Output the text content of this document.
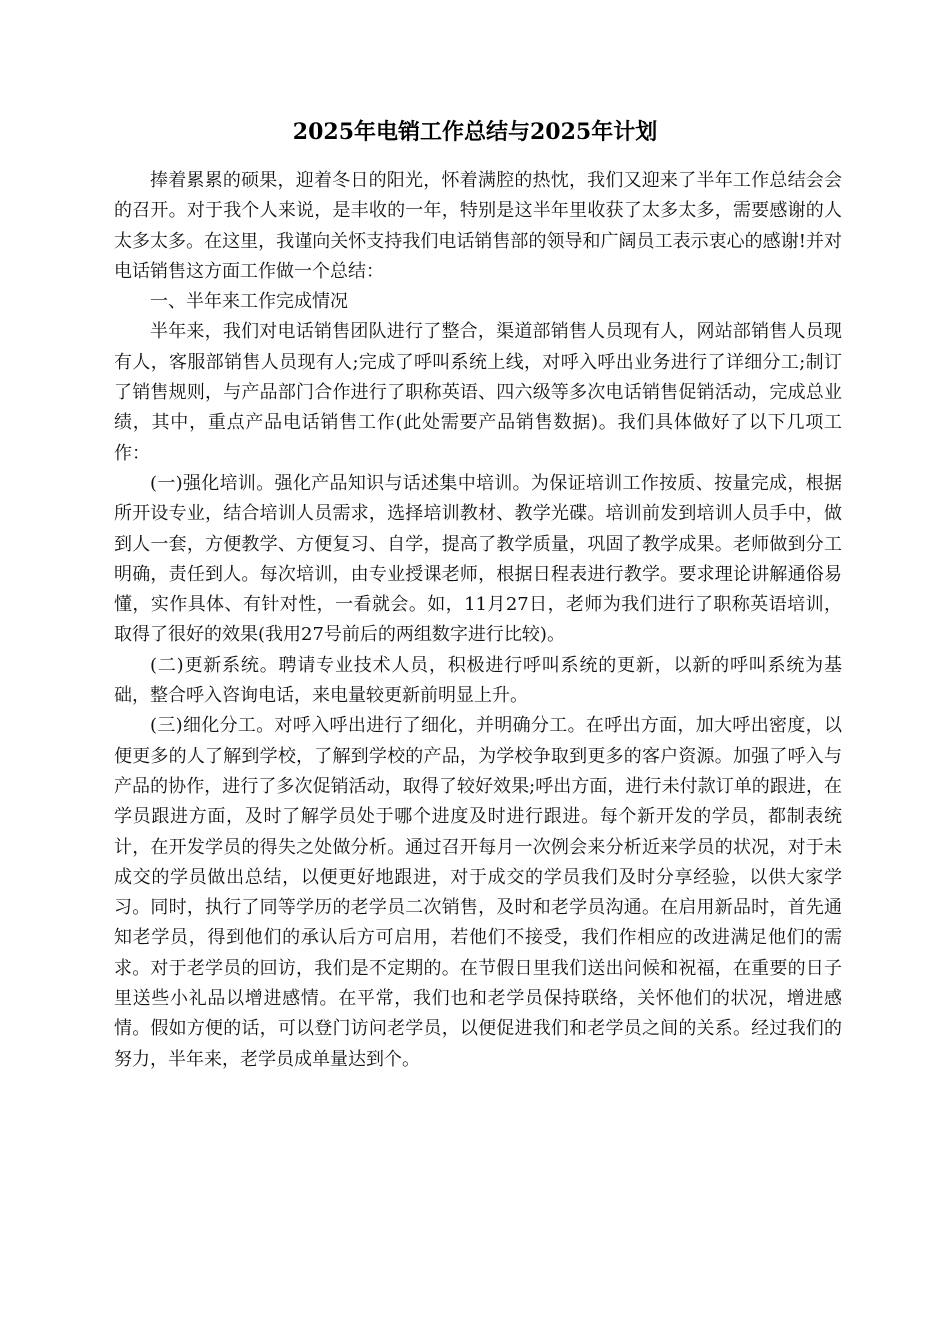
2025年电销工作总结与2025年计划

捧着累累的硕果，迎着冬日的阳光，怀着满腔的热忱，我们又迎来了半年工作总结会会的召开。对于我个人来说，是丰收的一年，特别是这半年里收获了太多太多，需要感谢的人太多太多。在这里，我谨向关怀支持我们电话销售部的领导和广阔员工表示衷心的感谢!并对电话销售这方面工作做一个总结：

一、半年来工作完成情况

半年来，我们对电话销售团队进行了整合，渠道部销售人员现有人，网站部销售人员现有人，客服部销售人员现有人;完成了呼叫系统上线，对呼入呼出业务进行了详细分工;制订了销售规则，与产品部门合作进行了职称英语、四六级等多次电话销售促销活动，完成总业绩，其中，重点产品电话销售工作(此处需要产品销售数据)。我们具体做好了以下几项工作：

(一)强化培训。强化产品知识与话述集中培训。为保证培训工作按质、按量完成，根据所开设专业，结合培训人员需求，选择培训教材、教学光碟。培训前发到培训人员手中，做到人一套，方便教学、方便复习、自学，提高了教学质量，巩固了教学成果。老师做到分工明确，责任到人。每次培训，由专业授课老师，根据日程表进行教学。要求理论讲解通俗易懂，实作具体、有针对性，一看就会。如，11月27日，老师为我们进行了职称英语培训，取得了很好的效果(我用27号前后的两组数字进行比较)。

(二)更新系统。聘请专业技术人员，积极进行呼叫系统的更新，以新的呼叫系统为基础，整合呼入咨询电话，来电量较更新前明显上升。

(三)细化分工。对呼入呼出进行了细化，并明确分工。在呼出方面，加大呼出密度，以便更多的人了解到学校，了解到学校的产品，为学校争取到更多的客户资源。加强了呼入与产品的协作，进行了多次促销活动，取得了较好效果;呼出方面，进行未付款订单的跟进，在学员跟进方面，及时了解学员处于哪个进度及时进行跟进。每个新开发的学员，都制表统计，在开发学员的得失之处做分析。通过召开每月一次例会来分析近来学员的状况，对于未成交的学员做出总结，以便更好地跟进，对于成交的学员我们及时分享经验，以供大家学习。同时，执行了同等学历的老学员二次销售，及时和老学员沟通。在启用新品时，首先通知老学员，得到他们的承认后方可启用，若他们不接受，我们作相应的改进满足他们的需求。对于老学员的回访，我们是不定期的。在节假日里我们送出问候和祝福，在重要的日子里送些小礼品以增进感情。在平常，我们也和老学员保持联络，关怀他们的状况，增进感情。假如方便的话，可以登门访问老学员，以便促进我们和老学员之间的关系。经过我们的努力，半年来，老学员成单量达到个。
